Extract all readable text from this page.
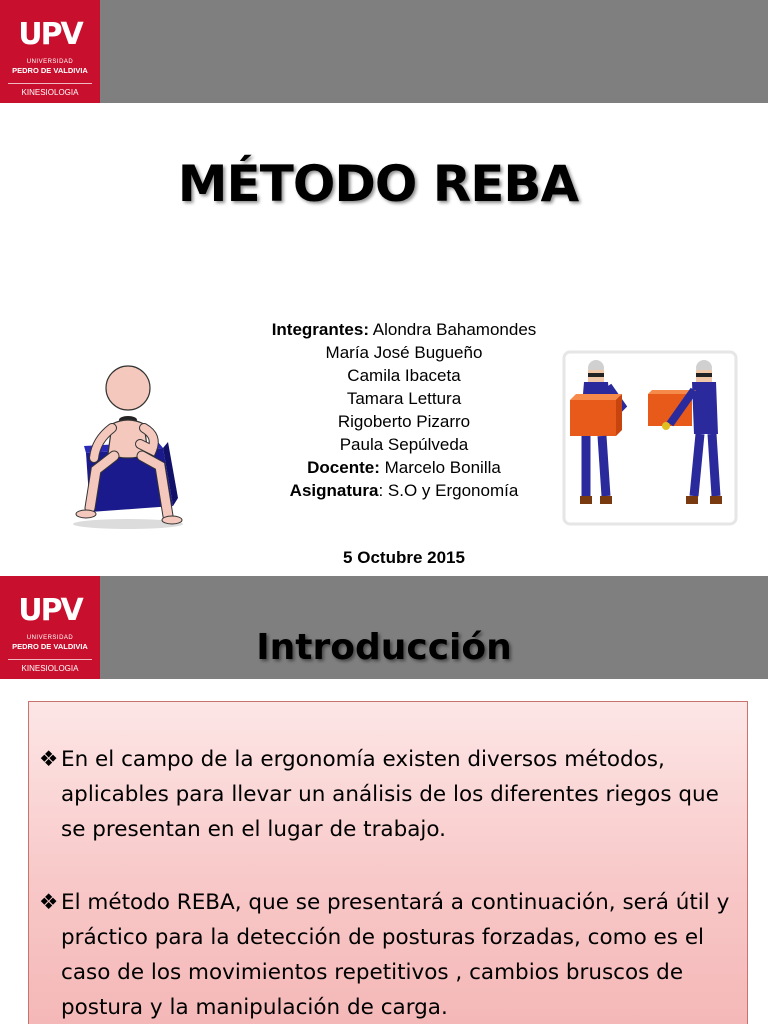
UPV
UNIVERSIDAD
PEDRO DE VALDIVIA
KINESIOLOGIA
MÉTODO REBA
Integrantes: Alondra Bahamondes
María José Bugueño
Camila Ibaceta
Tamara Lettura
Rigoberto Pizarro
Paula Sepúlveda
Docente: Marcelo Bonilla
Asignatura: S.O y Ergonomía
5 Octubre 2015
UPV
UNIVERSIDAD
PEDRO DE VALDIVIA
KINESIOLOGIA
Introducción
❖ En el campo de la ergonomía existen diversos métodos, aplicables para llevar un análisis de los diferentes riegos que se presentan en el lugar de trabajo.
❖ El método REBA, que se presentará a continuación, será útil y práctico para la detección de posturas forzadas, como es el caso de los movimientos repetitivos , cambios bruscos de postura y la manipulación de carga.
